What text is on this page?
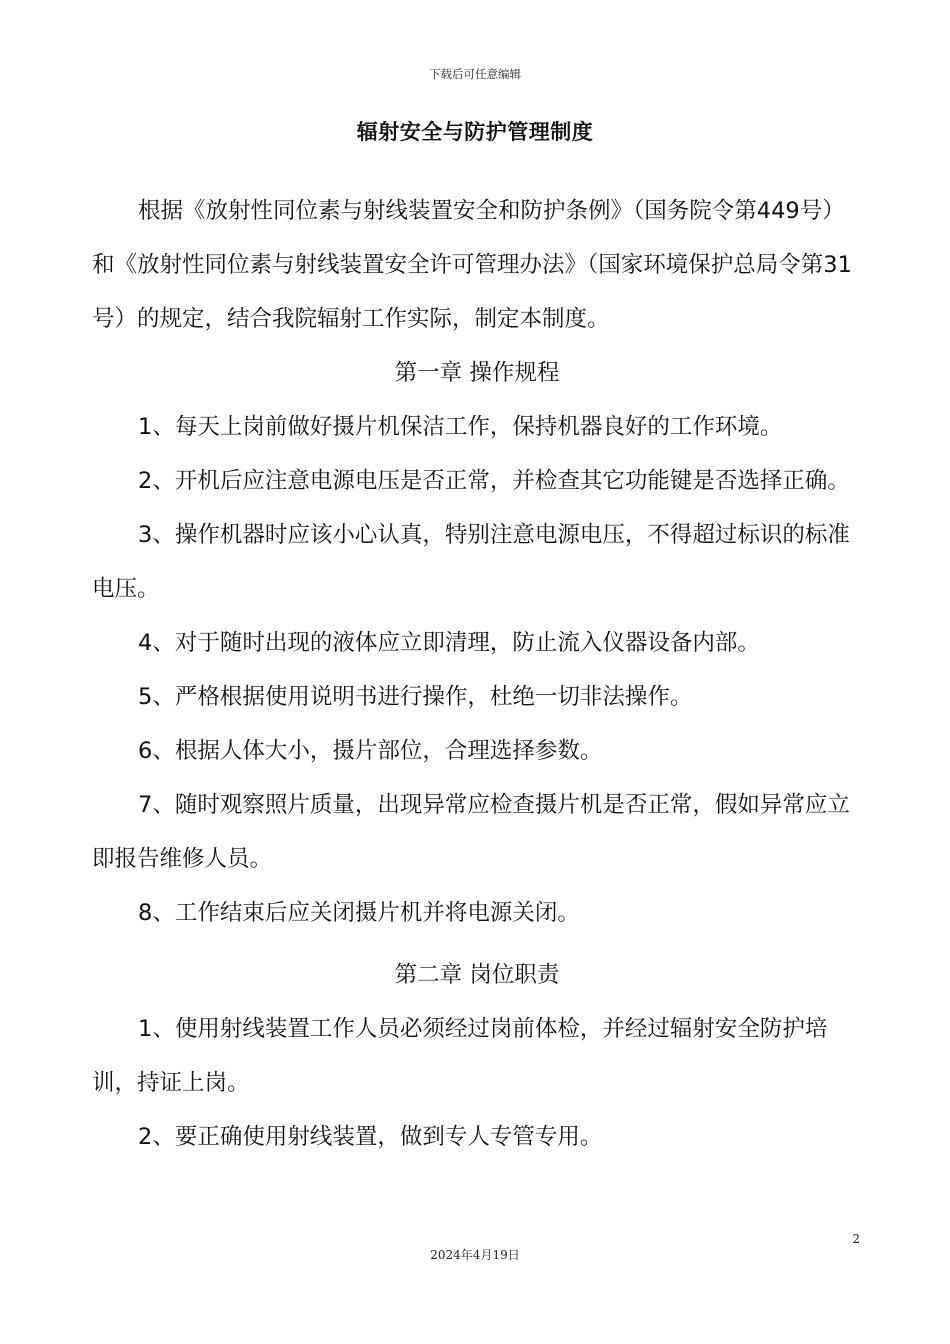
下载后可任意编辑
辐射安全与防护管理制度

根据《放射性同位素与射线装置安全和防护条例》（国务院令第449号）和《放射性同位素与射线装置安全许可管理办法》（国家环境保护总局令第31号）的规定，结合我院辐射工作实际，制定本制度。

第一章 操作规程

1、每天上岗前做好摄片机保洁工作，保持机器良好的工作环境。

2、开机后应注意电源电压是否正常，并检查其它功能键是否选择正确。

3、操作机器时应该小心认真，特别注意电源电压，不得超过标识的标准电压。

4、对于随时出现的液体应立即清理，防止流入仪器设备内部。

5、严格根据使用说明书进行操作，杜绝一切非法操作。

6、根据人体大小，摄片部位，合理选择参数。

7、随时观察照片质量，出现异常应检查摄片机是否正常，假如异常应立即报告维修人员。

8、工作结束后应关闭摄片机并将电源关闭。

第二章 岗位职责

1、使用射线装置工作人员必须经过岗前体检，并经过辐射安全防护培训，持证上岗。

2、要正确使用射线装置，做到专人专管专用。

2
2024年4月19日
